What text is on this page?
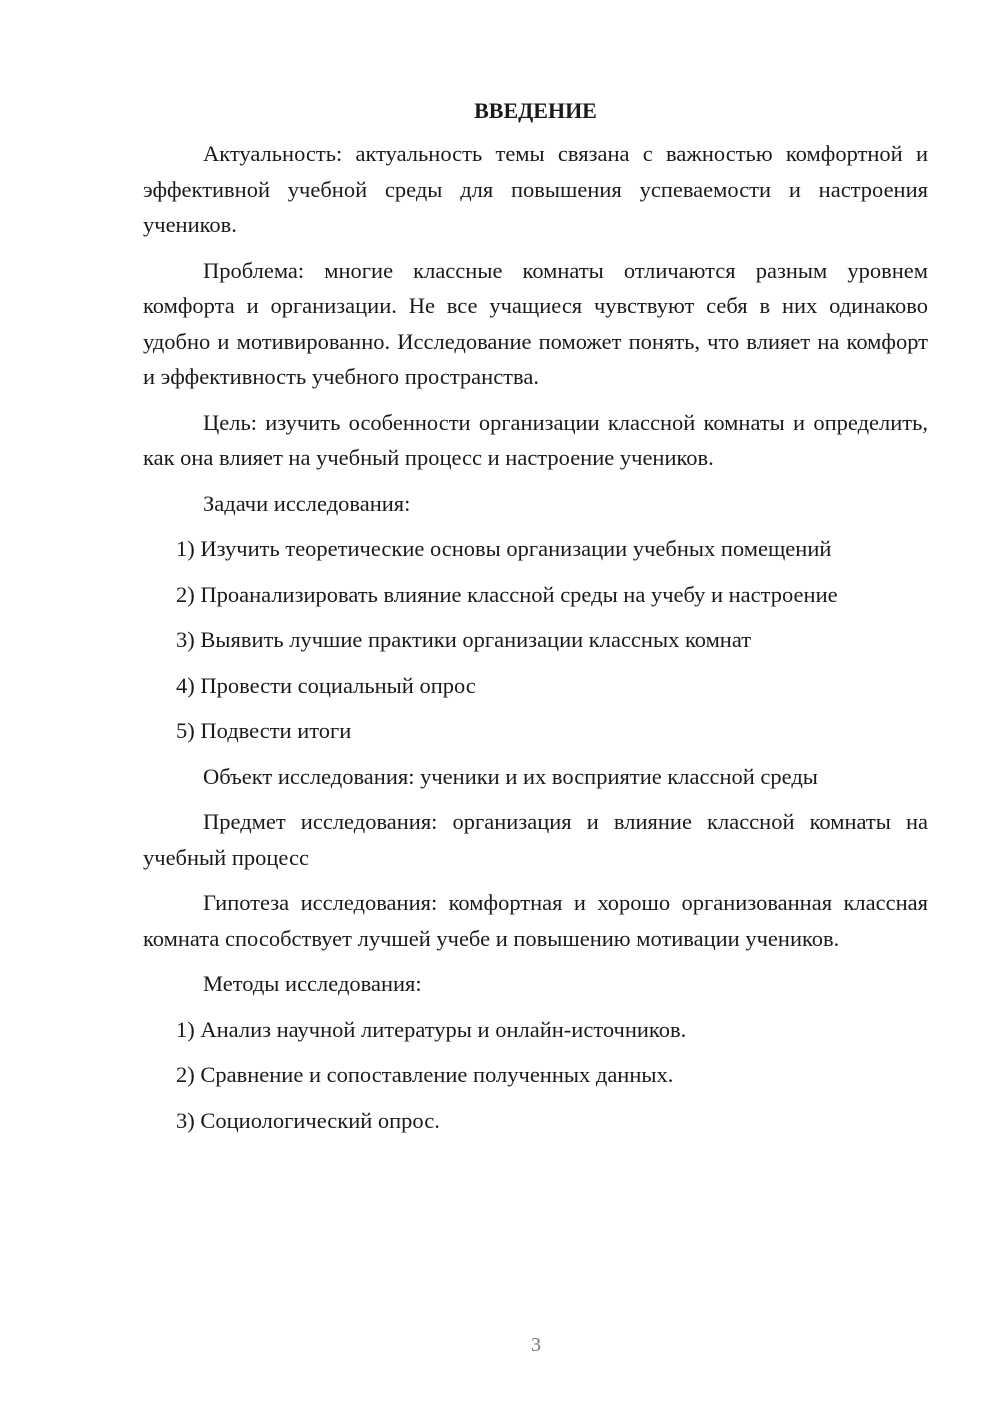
ВВЕДЕНИЕ

Актуальность: актуальность темы связана с важностью комфортной и эффективной учебной среды для повышения успеваемости и настроения учеников.

Проблема: многие классные комнаты отличаются разным уровнем комфорта и организации. Не все учащиеся чувствуют себя в них одинаково удобно и мотивированно. Исследование поможет понять, что влияет на комфорт и эффективность учебного пространства.

Цель: изучить особенности организации классной комнаты и определить, как она влияет на учебный процесс и настроение учеников.

Задачи исследования:

1) Изучить теоретические основы организации учебных помещений

2) Проанализировать влияние классной среды на учебу и настроение

3) Выявить лучшие практики организации классных комнат

4) Провести социальный опрос

5) Подвести итоги

Объект исследования: ученики и их восприятие классной среды

Предмет исследования: организация и влияние классной комнаты на учебный процесс

Гипотеза исследования: комфортная и хорошо организованная классная комната способствует лучшей учебе и повышению мотивации учеников.

Методы исследования:

1) Анализ научной литературы и онлайн-источников.

2) Сравнение и сопоставление полученных данных.

3) Социологический опрос.

3
